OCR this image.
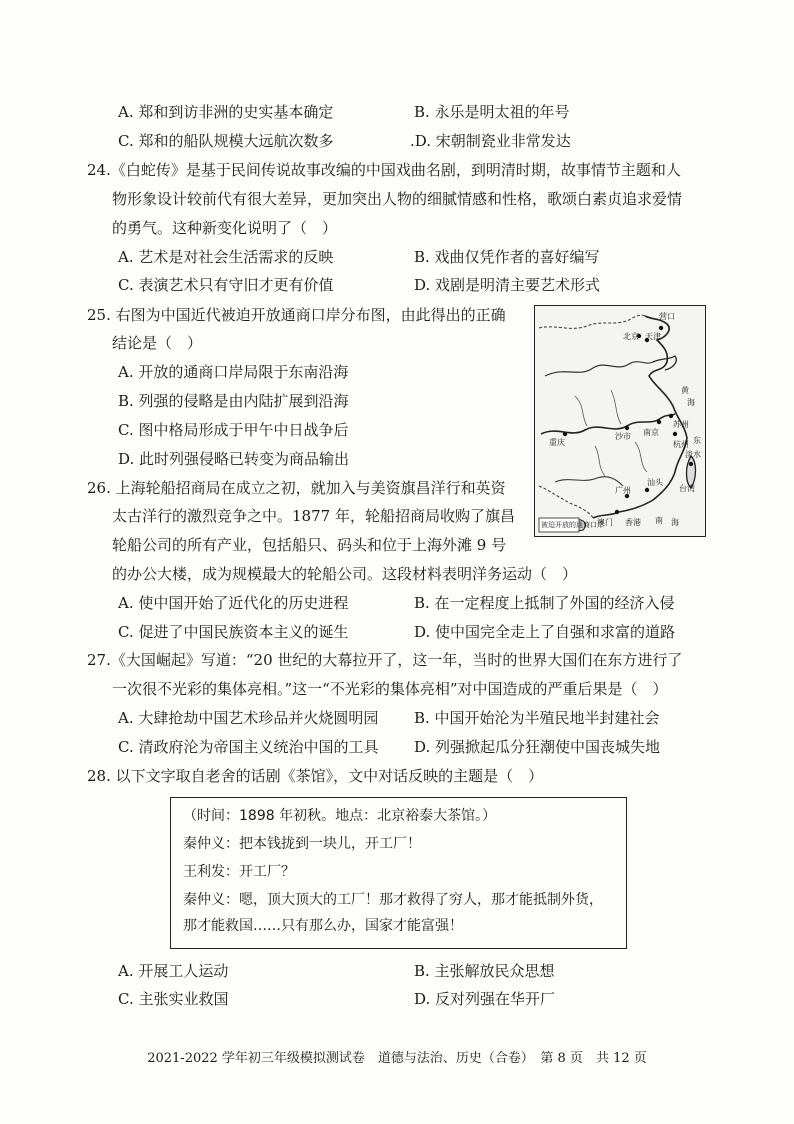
A. 郑和到访非洲的史实基本确定	B. 永乐是明太祖的年号
C. 郑和的船队规模大远航次数多	.D. 宋朝制瓷业非常发达
24.《白蛇传》是基于民间传说故事改编的中国戏曲名剧，到明清时期，故事情节主题和人
物形象设计较前代有很大差异，更加突出人物的细腻情感和性格，歌颂白素贞追求爱情
的勇气。这种新变化说明了（　）
A. 艺术是对社会生活需求的反映	B. 戏曲仅凭作者的喜好编写
C. 表演艺术只有守旧才更有价值	D. 戏剧是明清主要艺术形式
25. 右图为中国近代被迫开放通商口岸分布图，由此得出的正确
结论是（　）
A. 开放的通商口岸局限于东南沿海
B. 列强的侵略是由内陆扩展到沿海
C. 图中格局形成于甲午中日战争后
D. 此时列强侵略已转变为商品输出
营口
北京 天津
黄
海
南京
苏州
东
重庆
沙市
杭州
广州
汕头
台湾
淡水
被迫开放的通商口岸	南 海
澳门 香港
26. 上海轮船招商局在成立之初，就加入与美资旗昌洋行和英资
太古洋行的激烈竞争之中。1877 年，轮船招商局收购了旗昌
轮船公司的所有产业，包括船只、码头和位于上海外滩 9 号
的办公大楼，成为规模最大的轮船公司。这段材料表明洋务运动（　）
A. 使中国开始了近代化的历史进程	B. 在一定程度上抵制了外国的经济入侵
C. 促进了中国民族资本主义的诞生	D. 使中国完全走上了自强和求富的道路
27.《大国崛起》写道：“20 世纪的大幕拉开了，这一年，当时的世界大国们在东方进行了
一次很不光彩的集体亮相。”这一“不光彩的集体亮相”对中国造成的严重后果是（　）
A. 大肆抢劫中国艺术珍品并火烧圆明园 B. 中国开始沦为半殖民地半封建社会
C. 清政府沦为帝国主义统治中国的工具 D. 列强掀起瓜分狂潮使中国丧城失地
28. 以下文字取自老舍的话剧《茶馆》，文中对话反映的主题是（　）
（时间：1898 年初秋。地点：北京裕泰大茶馆。）
秦仲义：把本钱拢到一块儿，开工厂！
王利发：开工厂？
秦仲义：嗯，顶大顶大的工厂！那才救得了穷人，那才能抵制外货，
那才能救国……只有那么办，国家才能富强！
A. 开展工人运动	B. 主张解放民众思想
C. 主张实业救国	D. 反对列强在华开厂
2021-2022 学年初三年级模拟测试卷　道德与法治、历史（合卷）　第 8 页　共 12 页
